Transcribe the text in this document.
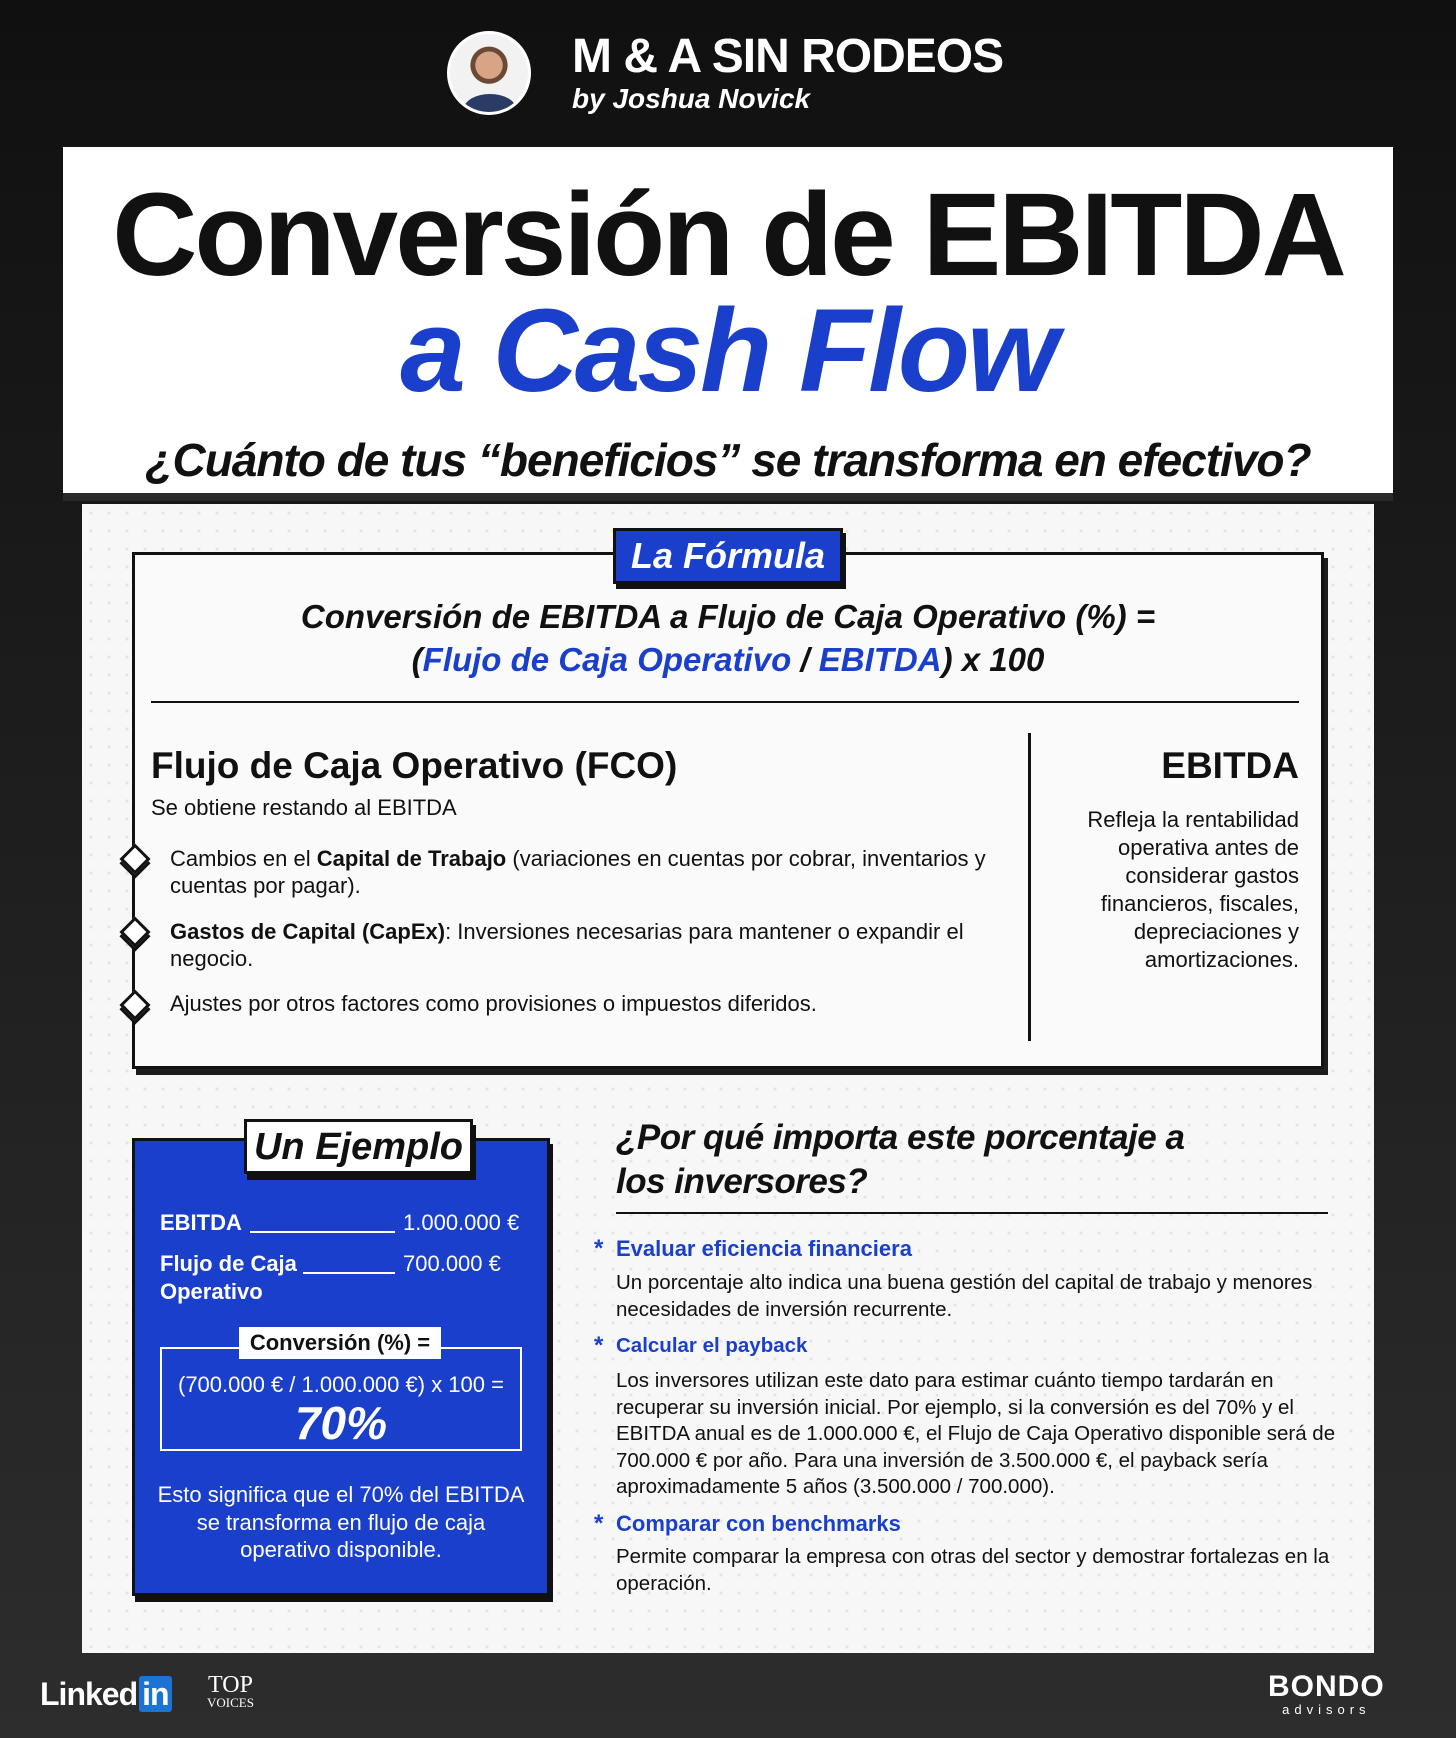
M & A SIN RODEOS
by Joshua Novick
Conversión de EBITDA
a Cash Flow
¿Cuánto de tus “beneficios” se transforma en efectivo?
La Fórmula
Conversión de EBITDA a Flujo de Caja Operativo (%) =
(Flujo de Caja Operativo / EBITDA) x 100
Flujo de Caja Operativo (FCO)
Se obtiene restando al EBITDA
Cambios en el Capital de Trabajo (variaciones en cuentas por cobrar, inventarios y cuentas por pagar).
Gastos de Capital (CapEx): Inversiones necesarias para mantener o expandir el negocio.
Ajustes por otros factores como provisiones o impuestos diferidos.
EBITDA
Refleja la rentabilidad operativa antes de considerar gastos financieros, fiscales, depreciaciones y amortizaciones.
Un Ejemplo
EBITDA	1.000.000 €
Flujo de Caja
Operativo
700.000 €
Conversión (%) =
(700.000 € / 1.000.000 €) x 100 =
70%
Esto significa que el 70% del EBITDA se transforma en flujo de caja operativo disponible.
¿Por qué importa este porcentaje a
los inversores?
* Evaluar eficiencia financiera
Un porcentaje alto indica una buena gestión del capital de trabajo y menores necesidades de inversión recurrente.
* Calcular el payback
Los inversores utilizan este dato para estimar cuánto tiempo tardarán en recuperar su inversión inicial. Por ejemplo, si la conversión es del 70% y el EBITDA anual es de 1.000.000 €, el Flujo de Caja Operativo disponible será de 700.000 € por año. Para una inversión de 3.500.000 €, el payback sería aproximadamente 5 años (3.500.000 / 700.000).
* Comparar con benchmarks
Permite comparar la empresa con otras del sector y demostrar fortalezas en la operación.
Linked in TOP
VOICES	BONDO
advisors
